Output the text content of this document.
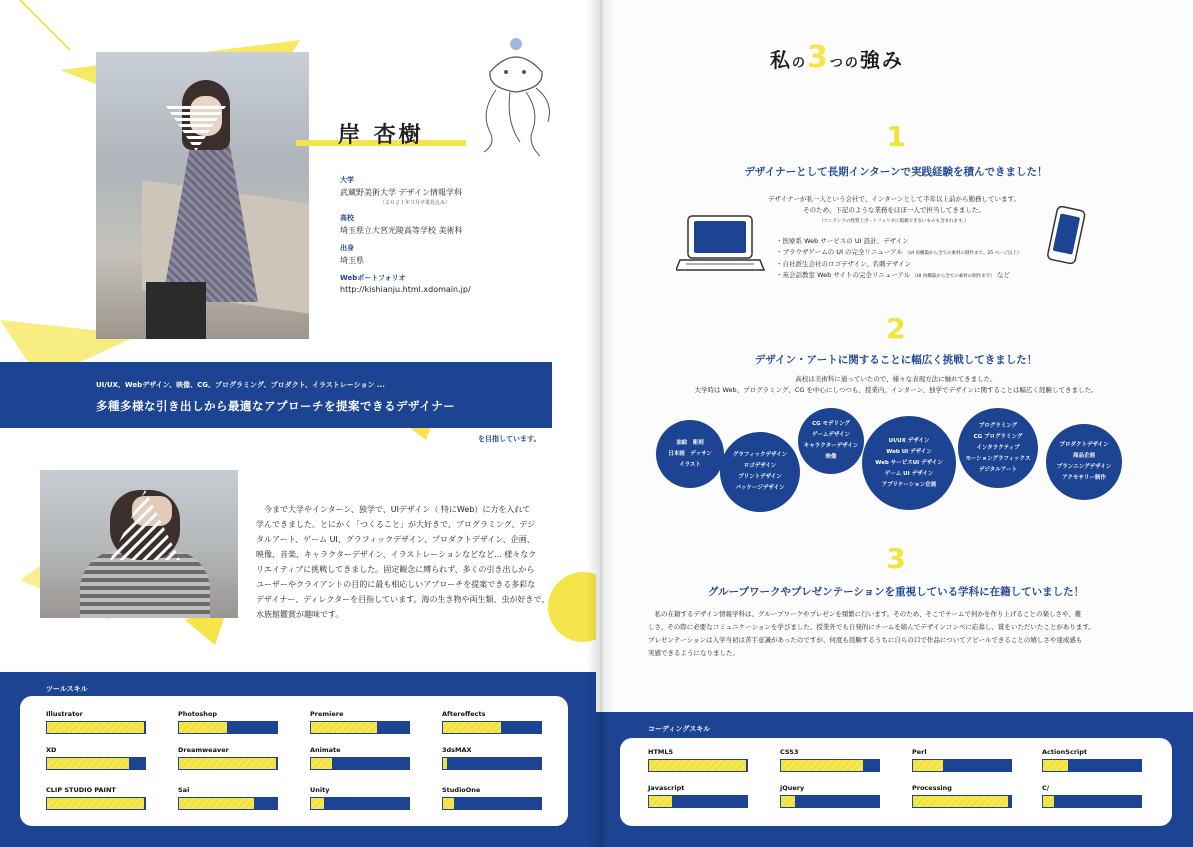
岸 杏樹
大学
武蔵野美術大学 デザイン情報学科
（２０２１年３月卒業見込み）
高校
埼玉県立大宮光陵高等学校 美術科
出身
埼玉県
Webポートフォリオ
http://kishianju.html.xdomain.jp/
UI/UX、Webデザイン、映像、CG、プログラミング、プロダクト、イラストレーション ...
多種多様な引き出しから最適なアプローチを提案できるデザイナー
を目指しています。
今まで大学やインターン、独学で、UIデザイン（ 特にWeb）に力を入れて
学んできました。とにかく「つくること」が大好きで、プログラミング、デジ
タルアート、ゲーム UI、グラフィックデザイン、プロダクトデザイン、企画、
映像、音楽、キャラクターデザイン、イラストレーションなどなど... 様々なク
リエイティブに挑戦してきました。固定観念に縛られず、多くの引き出しから
ユーザーやクライアントの目的に最も相応しいアプローチを提案できる多彩な
デザイナー、ディレクターを目指しています。海の生き物や両生類、虫が好きで、
水族館鑑賞が趣味です。
ツールスキル
Illustrator	Photoshop	Premiere	Aftereffects
XD	Dreamweaver	Animate	3dsMAX
CLIP STUDIO PAINT	Sai	Unity	StudioOne
私の3つの強み
1
デザイナーとして長期インターンで実践経験を積んできました！
デザイナーが私一人という会社で、インターンとして半年以上前から勤務しています。
そのため、下記のような業務をほぼ一人で担当してきました。
（コンテンツの性質上ポートフォリオに掲載できないものも含まれます。）
・医療系 Web サービスの UI 設計、デザイン
・ブラウザゲームの UI の完全リニューアル （UI 再構築から全ての素材の制作まで。25 ページ以上）
・自社派生会社のロゴデザイン、名刺デザイン
・英会話教室 Web サイトの完全リニューアル （UI 再構築から全ての素材の制作まで） など
2
デザイン・アートに関することに幅広く挑戦してきました！
高校は美術科に通っていたので、様々な表現方法に触れてきました。
大学時は Web、プログラミング、CG を中心にしつつも、授業内、インターン、独学でデザインに関することは幅広く経験してきました。
油絵　彫刻
日本画　デッサン
イラスト
グラフィックデザイン
ロゴデザイン
プリントデザイン
パッケージデザイン
CG モデリング
ゲームデザイン
キャラクターデザイン
映像
UI/UX デザイン
Web UI デザイン
Web サービスUI デザイン
ゲーム UI デザイン
アプリケーション企画
プログラミング
CG プログラミング
インタラクティブ
モーショングラフィックス
デジタルアート
プロダクトデザイン
商品企画
プランニングデザイン
アクセサリー制作
3
グループワークやプレゼンテーションを重視している学科に在籍していました！
私の在籍するデザイン情報学科は、グループワークやプレゼンを頻繁に行います。そのため、そこでチームで何かを作り上げることの楽しさや、難
しさ、その際に必要なコミュニケーションを学びました。授業外でも自発的にチームを組んでデザインコンペに応募し、賞をいただいたことがあります。
プレゼンテーションは入学当初は苦手意識があったのですが、何度も経験するうちに自らの口で作品についてアピールできることの嬉しさや達成感も
実感できるようになりました。
コーディングスキル
HTML5	CSS3	Perl	ActionScript
Javascript	jQuery	Processing	C/
